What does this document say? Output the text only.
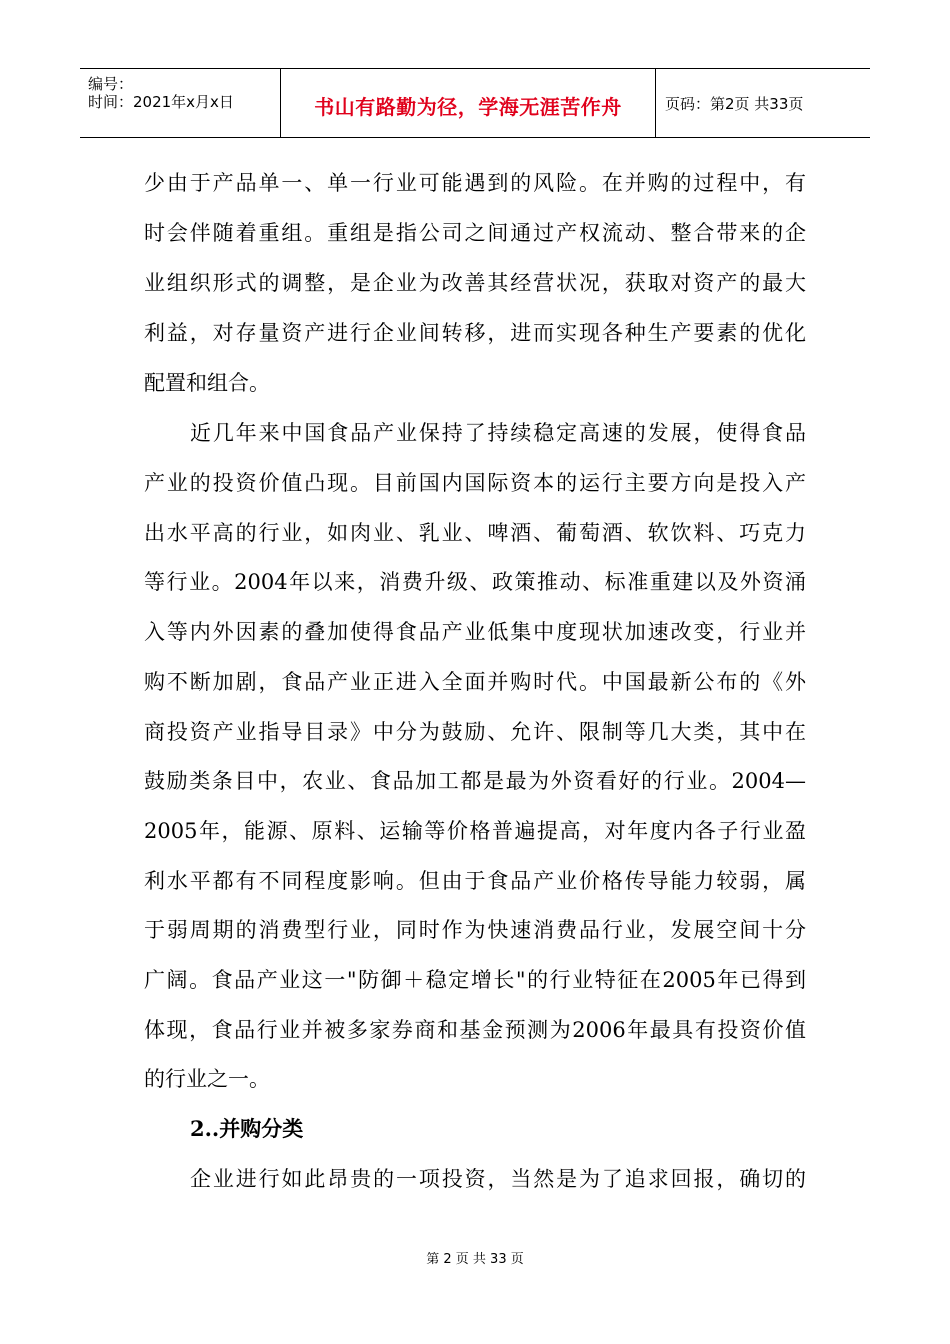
编号：
时间：2021年x月x日	书山有路勤为径，学海无涯苦作舟	页码：第2页 共33页
少由于产品单一、单一行业可能遇到的风险。在并购的过程中，有
时会伴随着重组。重组是指公司之间通过产权流动、整合带来的企
业组织形式的调整，是企业为改善其经营状况，获取对资产的最大
利益，对存量资产进行企业间转移，进而实现各种生产要素的优化
配置和组合。
近几年来中国食品产业保持了持续稳定高速的发展，使得食品
产业的投资价值凸现。目前国内国际资本的运行主要方向是投入产
出水平高的行业，如肉业、乳业、啤酒、葡萄酒、软饮料、巧克力
等行业。2004年以来，消费升级、政策推动、标准重建以及外资涌
入等内外因素的叠加使得食品产业低集中度现状加速改变，行业并
购不断加剧，食品产业正进入全面并购时代。中国最新公布的《外
商投资产业指导目录》中分为鼓励、允许、限制等几大类，其中在
鼓励类条目中，农业、食品加工都是最为外资看好的行业。2004—
2005年，能源、原料、运输等价格普遍提高，对年度内各子行业盈
利水平都有不同程度影响。但由于食品产业价格传导能力较弱，属
于弱周期的消费型行业，同时作为快速消费品行业，发展空间十分
广阔。食品产业这一"防御＋稳定增长"的行业特征在2005年已得到
体现，食品行业并被多家券商和基金预测为2006年最具有投资价值
的行业之一。
2..并购分类
企业进行如此昂贵的一项投资，当然是为了追求回报，确切的
第 2 页 共 33 页
